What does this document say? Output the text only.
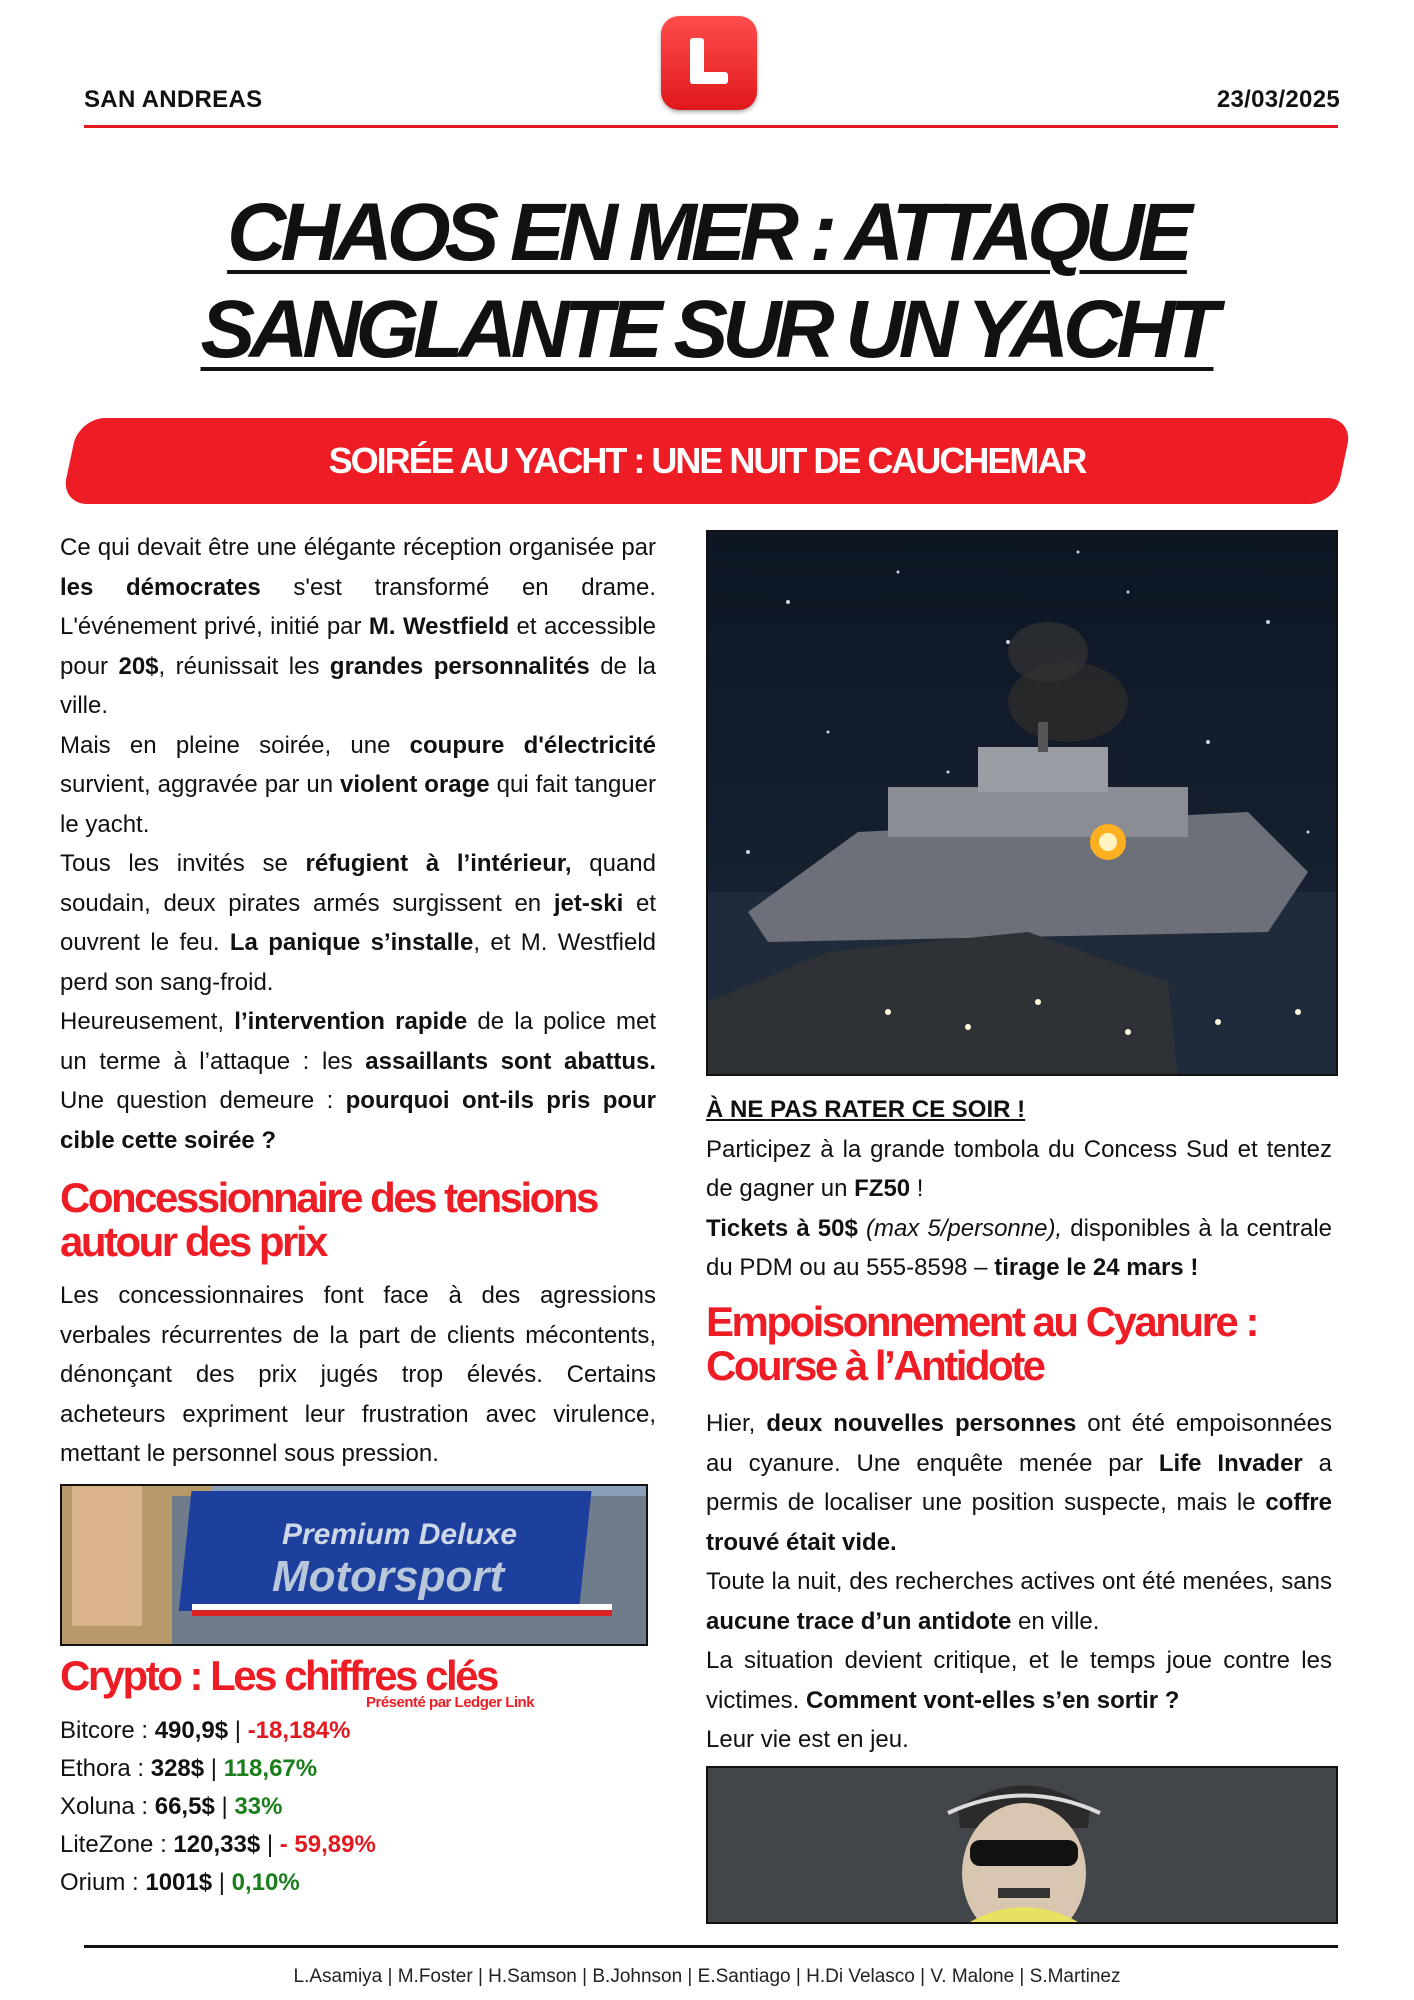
SAN ANDREAS	23/03/2025
CHAOS EN MER : ATTAQUE
SANGLANTE SUR UN YACHT
SOIRÉE AU YACHT : UNE NUIT DE CAUCHEMAR

Ce qui devait être une élégante réception organisée par les démocrates s'est transformé en drame. L'événement privé, initié par M. Westfield et accessible pour 20$, réunissait les grandes personnalités de la ville.

Mais en pleine soirée, une coupure d'électricité survient, aggravée par un violent orage qui fait tanguer le yacht.

Tous les invités se réfugient à l’intérieur, quand soudain, deux pirates armés surgissent en jet-ski et ouvrent le feu. La panique s’installe, et M. Westfield perd son sang-froid.

Heureusement, l’intervention rapide de la police met un terme à l’attaque : les assaillants sont abattus. Une question demeure : pourquoi ont-ils pris pour cible cette soirée ?

Concessionnaire des tensions
autour des prix
Les concessionnaires font face à des agressions verbales récurrentes de la part de clients mécontents, dénonçant des prix jugés trop élevés. Certains acheteurs expriment leur frustration avec virulence, mettant le personnel sous pression.
Premium Deluxe
Motorsport
Crypto : Les chiffres clés
Présenté par Ledger Link
Bitcore : 490,9$ | -18,184%
Ethora : 328$ | 118,67%
Xoluna : 66,5$ | 33%
LiteZone : 120,33$ | - 59,89%
Orium : 1001$ | 0,10%

À NE PAS RATER CE SOIR !

Participez à la grande tombola du Concess Sud et tentez de gagner un FZ50 !

Tickets à 50$ (max 5/personne), disponibles à la centrale du PDM ou au 555-8598 – tirage le 24 mars !

Empoisonnement au Cyanure :
Course à l’Antidote

Hier, deux nouvelles personnes ont été empoisonnées au cyanure. Une enquête menée par Life Invader a permis de localiser une position suspecte, mais le coffre trouvé était vide.

Toute la nuit, des recherches actives ont été menées, sans aucune trace d’un antidote en ville.

La situation devient critique, et le temps joue contre les victimes. Comment vont-elles s’en sortir ?

Leur vie est en jeu.

L.Asamiya | M.Foster | H.Samson | B.Johnson | E.Santiago | H.Di Velasco | V. Malone | S.Martinez
